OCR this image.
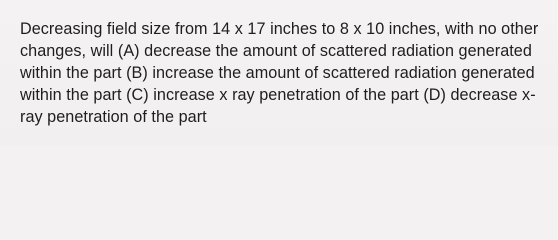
Decreasing field size from 14 x 17 inches to 8 x 10 inches, with no other changes, will (A) decrease the amount of scattered radiation generated within the part (B) increase the amount of scattered radiation generated within the part (C) increase x ray penetration of the part (D) decrease x-ray penetration of the part
